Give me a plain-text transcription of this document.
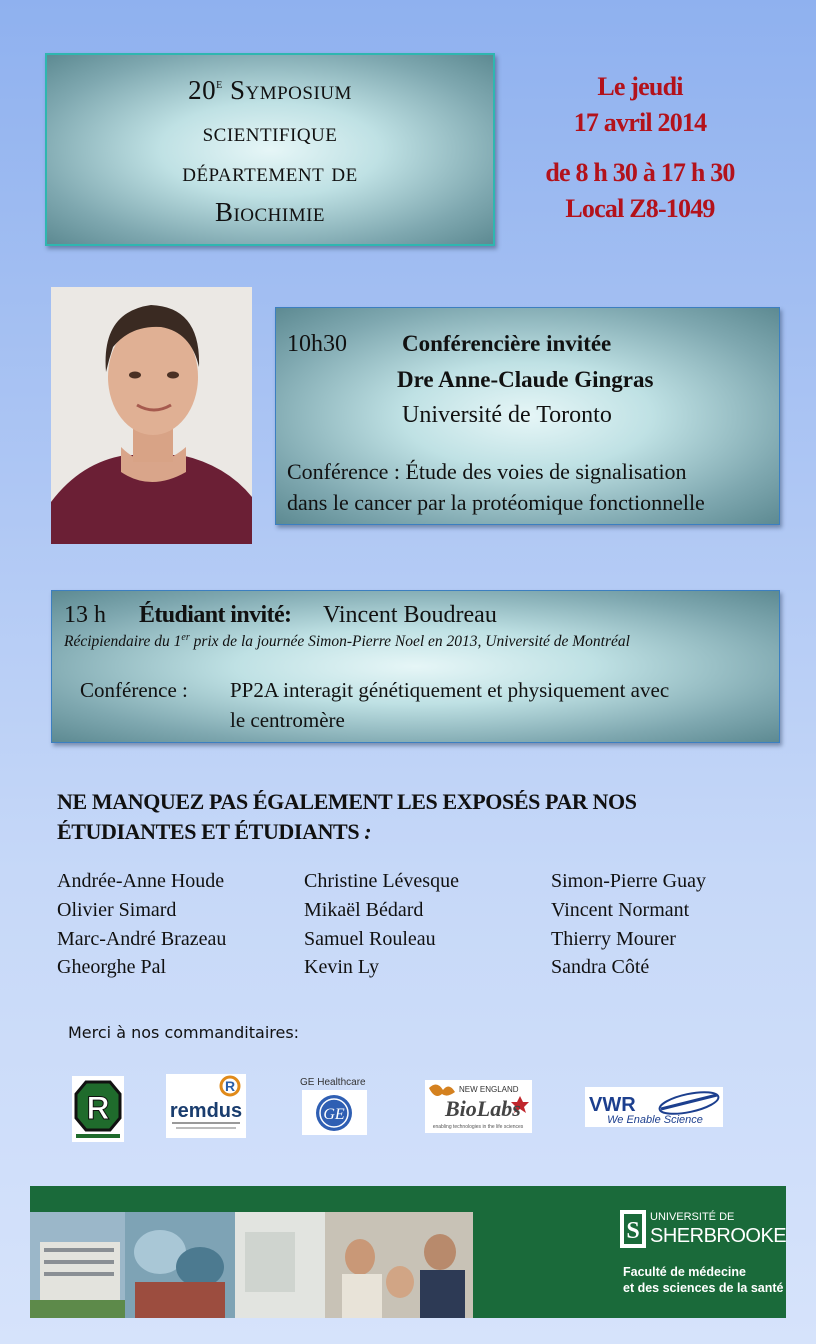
20e Symposium
scientifique
département de
Biochimie
Le jeudi
17 avril 2014
de 8 h 30 à 17 h 30
Local Z8-1049
10h30 Conférencière invitée
Dre Anne-Claude Gingras
Université de Toronto
Conférence : Étude des voies de signalisation
dans le cancer par la protéomique fonctionnelle
13 h Étudiant invité: Vincent Boudreau
Récipiendaire du 1er prix de la journée Simon-Pierre Noel en 2013, Université de Montréal
Conférence : PP2A interagit génétiquement et physiquement avec
le centromère
NE MANQUEZ PAS ÉGALEMENT LES EXPOSÉS PAR NOS
ÉTUDIANTES ET ÉTUDIANTS :
Andrée-Anne Houde
Olivier Simard
Marc-André Brazeau
Gheorghe Pal
Christine Lévesque
Mikaël Bédard
Samuel Rouleau
Kevin Ly
Simon-Pierre Guay
Vincent Normant
Thierry Mourer
Sandra Côté
Merci à nos commanditaires:
R
R
remdus
GE Healthcare
GE
NEW ENGLAND
BioLabs
enabling technologies in the life sciences
VWR
We Enable Science
S
UNIVERSITÉ DE
SHERBROOKE
Faculté de médecine
et des sciences de la santé
